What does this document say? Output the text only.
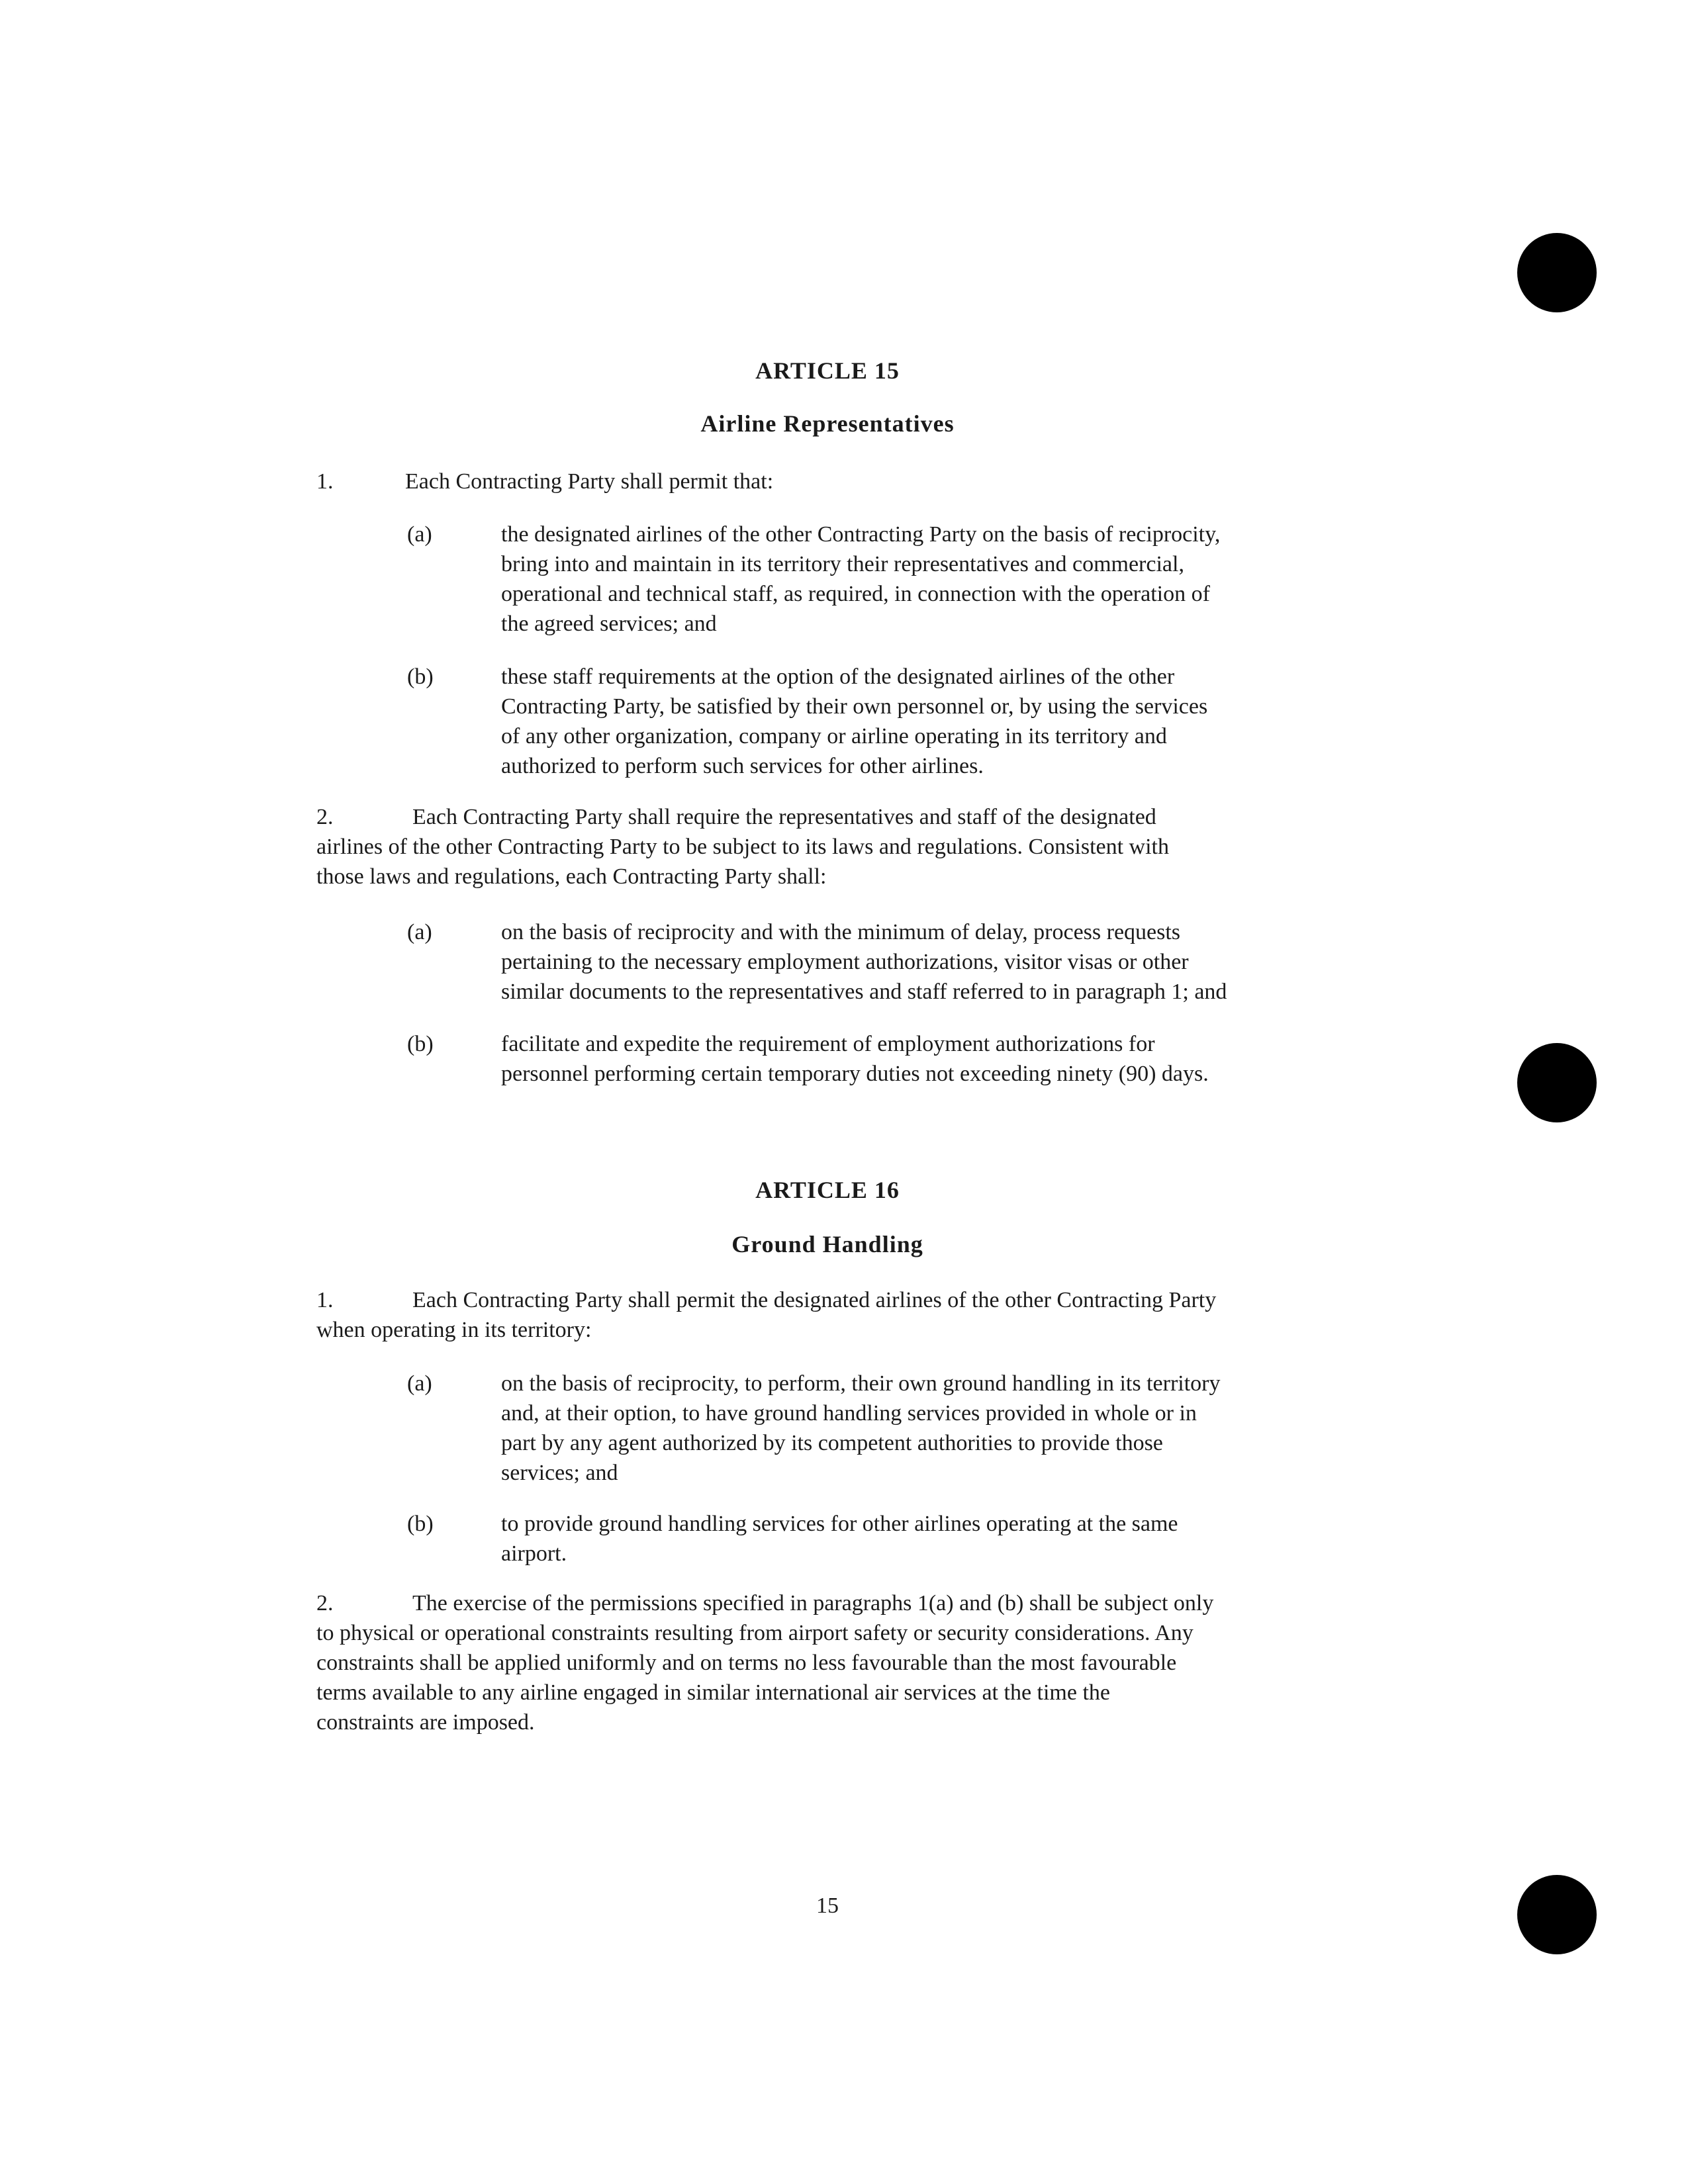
ARTICLE 15
Airline Representatives
1.	Each Contracting Party shall permit that:
(a)	the designated airlines of the other Contracting Party on the basis of reciprocity,
bring into and maintain in its territory their representatives and commercial,
operational and technical staff, as required, in connection with the operation of
the agreed services; and
(b)	these staff requirements at the option of the designated airlines of the other
Contracting Party, be satisfied by their own personnel or, by using the services
of any other organization, company or airline operating in its territory and
authorized to perform such services for other airlines.
2.	Each Contracting Party shall require the representatives and staff of the designated
airlines of the other Contracting Party to be subject to its laws and regulations. Consistent with
those laws and regulations, each Contracting Party shall:
(a)	on the basis of reciprocity and with the minimum of delay, process requests
pertaining to the necessary employment authorizations, visitor visas or other
similar documents to the representatives and staff referred to in paragraph 1; and
(b)	facilitate and expedite the requirement of employment authorizations for
personnel performing certain temporary duties not exceeding ninety (90) days.
ARTICLE 16
Ground Handling
1.	Each Contracting Party shall permit the designated airlines of the other Contracting Party
when operating in its territory:
(a)	on the basis of reciprocity, to perform, their own ground handling in its territory
and, at their option, to have ground handling services provided in whole or in
part by any agent authorized by its competent authorities to provide those
services; and
(b)	to provide ground handling services for other airlines operating at the same
airport.
2.	The exercise of the permissions specified in paragraphs 1(a) and (b) shall be subject only
to physical or operational constraints resulting from airport safety or security considerations. Any
constraints shall be applied uniformly and on terms no less favourable than the most favourable
terms available to any airline engaged in similar international air services at the time the
constraints are imposed.
15
